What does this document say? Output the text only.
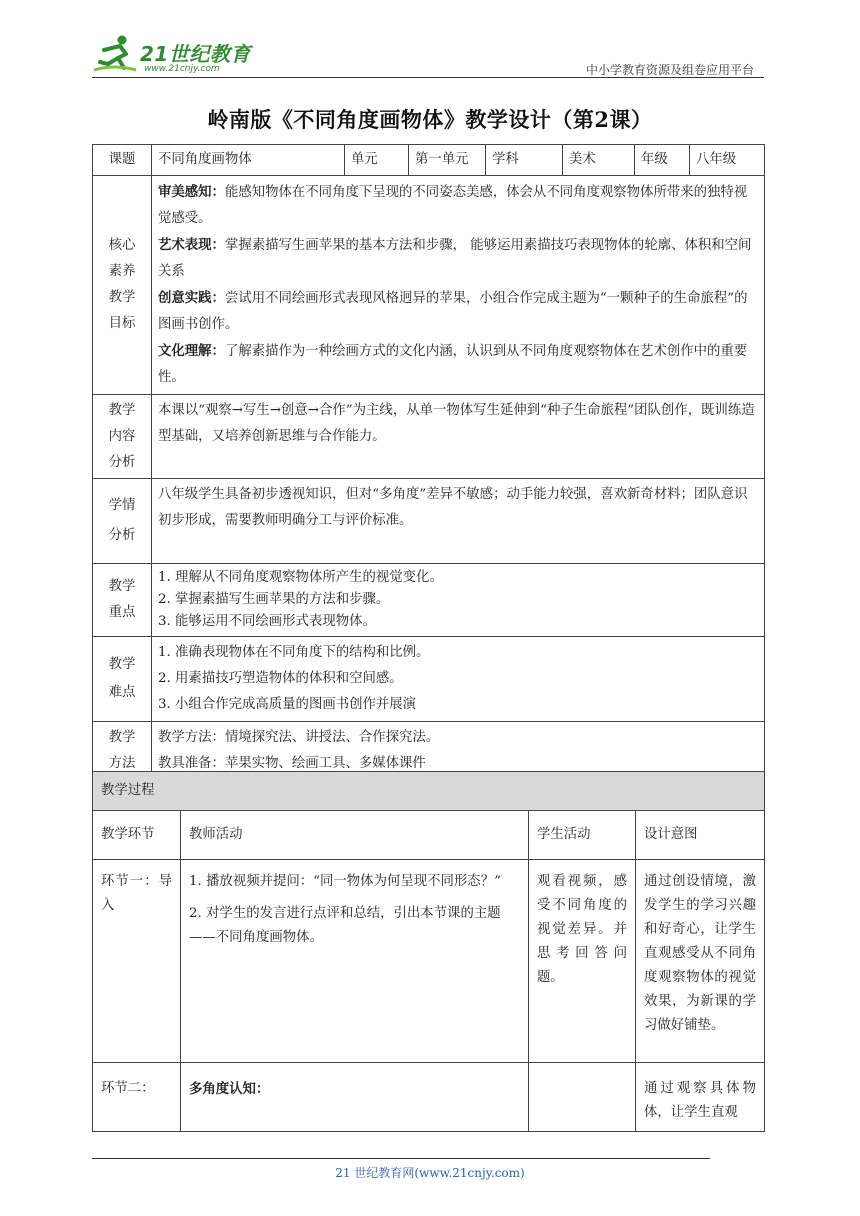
21世纪教育
www.21cnjy.com	中小学教育资源及组卷应用平台
岭南版《不同角度画物体》教学设计（第2课）
课题	不同角度画物体	单元	第一单元	学科	美术	年级	八年级

核心素养教学目标	审美感知：能感知物体在不同角度下呈现的不同姿态美感，体会从不同角度观察物体所带来的独特视觉感受。
艺术表现：掌握素描写生画苹果的基本方法和步骤， 能够运用素描技巧表现物体的轮廓、体积和空间关系
创意实践：尝试用不同绘画形式表现风格迥异的苹果，小组合作完成主题为“一颗种子的生命旅程”的图画书创作。
文化理解：了解素描作为一种绘画方式的文化内涵，认识到从不同角度观察物体在艺术创作中的重要性。						

教学内容分析	本课以“观察→写生→创意→合作”为主线，从单一物体写生延伸到“种子生命旅程”团队创作，既训练造型基础，又培养创新思维与合作能力。						

学情分析	八年级学生具备初步透视知识，但对“多角度”差异不敏感；动手能力较强，喜欢新奇材料；团队意识初步形成，需要教师明确分工与评价标准。						

教学重点	1. 理解从不同角度观察物体所产生的视觉变化。
2. 掌握素描写生画苹果的方法和步骤。
3. 能够运用不同绘画形式表现物体。						

教学难点	1. 准确表现物体在不同角度下的结构和比例。
2. 用素描技巧塑造物体的体积和空间感。
3. 小组合作完成高质量的图画书创作并展演						

教学方法	教学方法：情境探究法、讲授法、合作探究法。
教具准备：苹果实物、绘画工具、多媒体课件						
教学过程			
教学环节	教师活动	学生活动	设计意图
环节一：导入	1. 播放视频并提问：“同一物体为何呈现不同形态？”
2. 对学生的发言进行点评和总结，引出本节课的主题——不同角度画物体。	观看视频，感受不同角度的视觉差异。并思考回答问题。	通过创设情境，激发学生的学习兴趣和好奇心，让学生直观感受从不同角度观察物体的视觉效果，为新课的学习做好铺垫。
环节二：	多角度认知：		通过观察具体物体，让学生直观
21 世纪教育网(www.21cnjy.com)
